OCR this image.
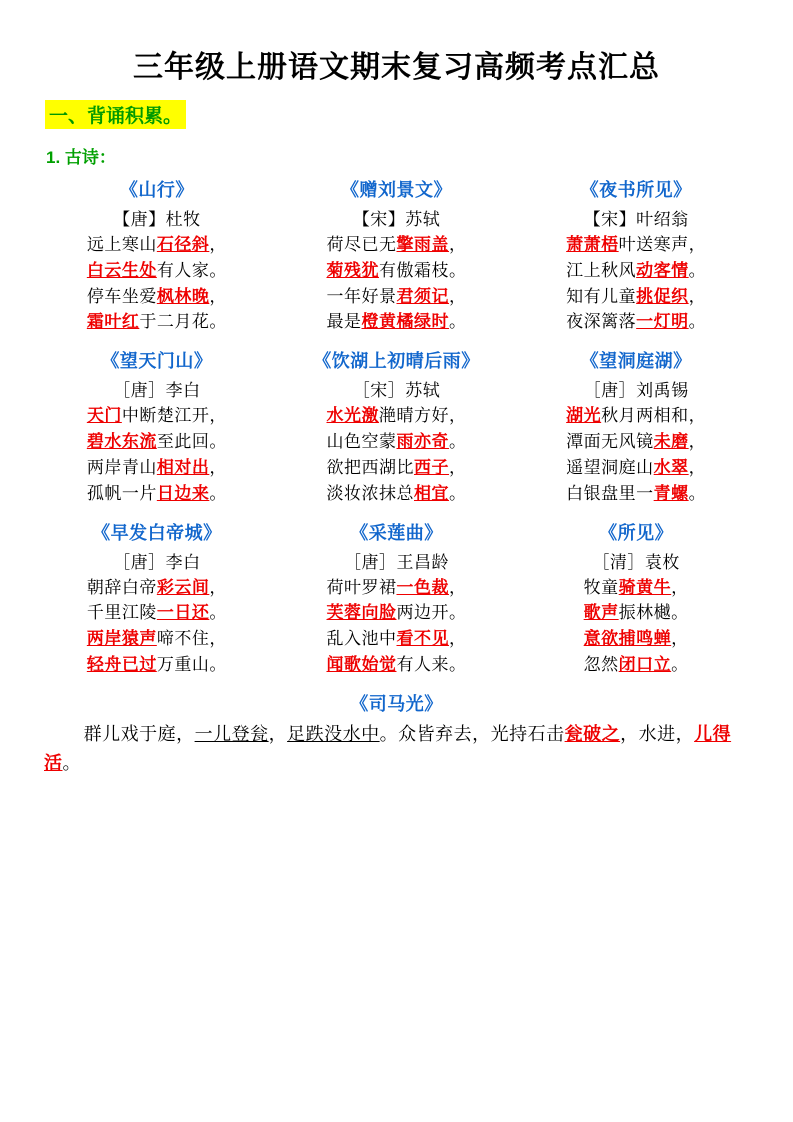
三年级上册语文期末复习高频考点汇总
一、背诵积累。
1. 古诗：
《山行》
【唐】杜牧
远上寒山石径斜，
白云生处有人家。
停车坐爱枫林晚，
霜叶红于二月花。
《赠刘景文》
【宋】苏轼
荷尽已无擎雨盖，
菊残犹有傲霜枝。
一年好景君须记，
最是橙黄橘绿时。
《夜书所见》
【宋】叶绍翁
萧萧梧叶送寒声，
江上秋风动客情。
知有儿童挑促织，
夜深篱落一灯明。
《望天门山》
［唐］李白
天门中断楚江开，
碧水东流至此回。
两岸青山相对出，
孤帆一片日边来。
《饮湖上初晴后雨》
［宋］苏轼
水光激滟晴方好，
山色空蒙雨亦奇。
欲把西湖比西子，
淡妆浓抹总相宜。
《望洞庭湖》
［唐］刘禹锡
湖光秋月两相和，
潭面无风镜未磨，
遥望洞庭山水翠，
白银盘里一青螺。
《早发白帝城》
［唐］李白
朝辞白帝彩云间，
千里江陵一日还。
两岸猿声啼不住，
轻舟已过万重山。
《采莲曲》
［唐］王昌龄
荷叶罗裙一色裁，
芙蓉向脸两边开。
乱入池中看不见，
闻歌始觉有人来。
《所见》
［清］袁枚
牧童骑黄牛，
歌声振林樾。
意欲捕鸣蝉，
忽然闭口立。
《司马光》
群儿戏于庭，一儿登瓮，足跌没水中。众皆弃去，光持石击瓮破之，水进，儿得活。
